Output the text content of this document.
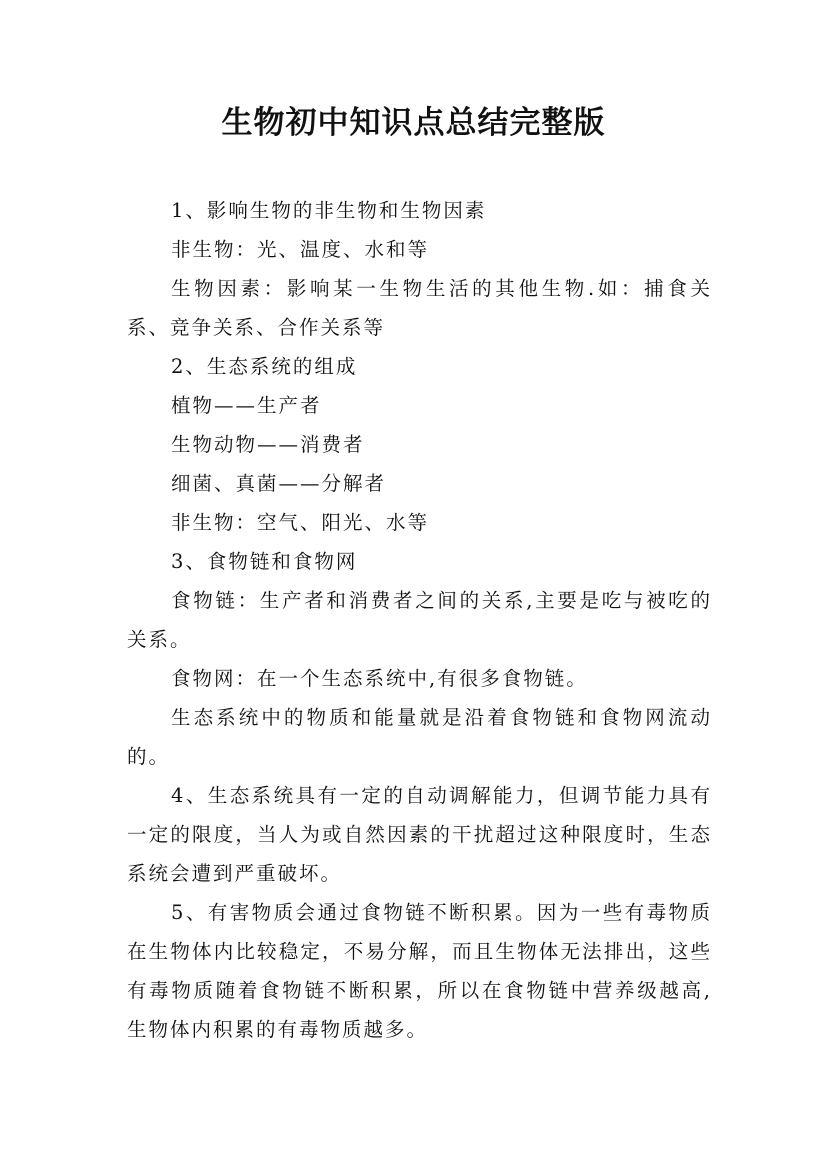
生物初中知识点总结完整版

1、影响生物的非生物和生物因素

非生物：光、温度、水和等

生物因素：影响某一生物生活的其他生物.如：捕食关系、竞争关系、合作关系等

2、生态系统的组成

植物——生产者

生物动物——消费者

细菌、真菌——分解者

非生物：空气、阳光、水等

3、食物链和食物网

食物链：生产者和消费者之间的关系,主要是吃与被吃的关系。

食物网：在一个生态系统中,有很多食物链。

生态系统中的物质和能量就是沿着食物链和食物网流动的。

4、生态系统具有一定的自动调解能力，但调节能力具有一定的限度，当人为或自然因素的干扰超过这种限度时，生态系统会遭到严重破坏。

5、有害物质会通过食物链不断积累。因为一些有毒物质在生物体内比较稳定，不易分解，而且生物体无法排出，这些有毒物质随着食物链不断积累，所以在食物链中营养级越高,生物体内积累的有毒物质越多。
